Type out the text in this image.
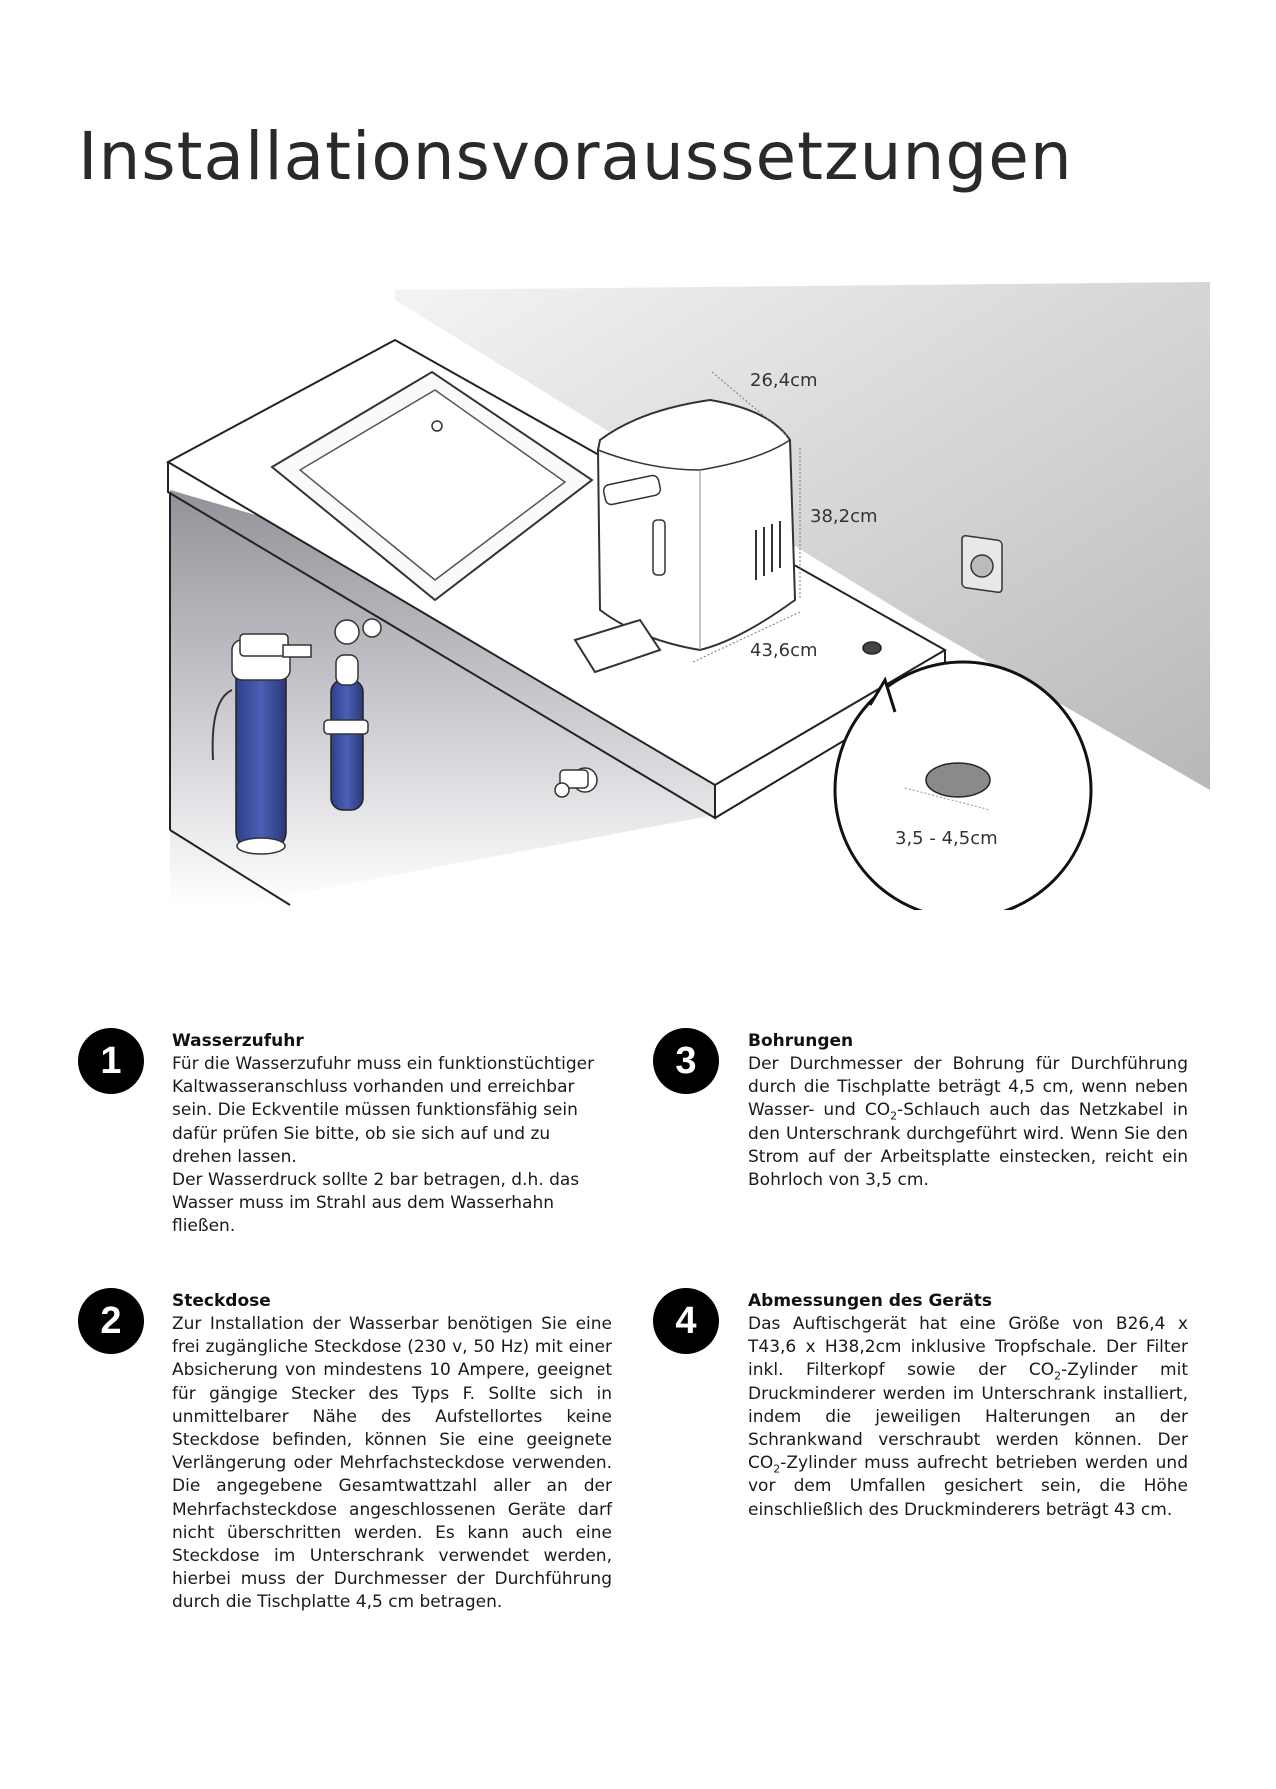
Installationsvoraussetzungen
26,4cm
38,2cm
43,6cm
3,5 - 4,5cm
1	Wasserzufuhr

Für die Wasserzufuhr muss ein funktionstüchtiger Kaltwasseranschluss vorhanden und erreichbar sein. Die Eckventile müssen funktionsfähig sein dafür prüfen Sie bitte, ob sie sich auf und zu drehen lassen.

Der Wasserdruck sollte 2 bar betragen, d.h. das Wasser muss im Strahl aus dem Wasserhahn fließen.

2	Steckdose

Zur Installation der Wasserbar benötigen Sie eine frei zugängliche Steckdose (230 v, 50 Hz) mit einer Absicherung von mindestens 10 Ampere, geeignet für gängige Stecker des Typs F. Sollte sich in unmittelbarer Nähe des Aufstellortes keine Steckdose befinden, können Sie eine geeignete Verlängerung oder Mehrfachsteckdose verwenden. Die angegebene Gesamtwattzahl aller an der Mehrfachsteckdose angeschlossenen Geräte darf nicht überschritten werden. Es kann auch eine Steckdose im Unterschrank verwendet werden, hierbei muss der Durchmesser der Durchführung durch die Tischplatte 4,5 cm betragen.

3	Bohrungen

Der Durchmesser der Bohrung für Durchführung durch die Tischplatte beträgt 4,5 cm, wenn neben Wasser- und $CO_2$-Schlauch auch das Netzkabel in den Unterschrank durchgeführt wird. Wenn Sie den Strom auf der Arbeitsplatte einstecken, reicht ein Bohrloch von 3,5 cm.

4	Abmessungen des Geräts

Das Auftischgerät hat eine Größe von B26,4 x T43,6 x H38,2cm inklusive Tropfschale. Der Filter inkl. Filterkopf sowie der $CO_2$-Zylinder mit Druckminderer werden im Unterschrank installiert, indem die jeweiligen Halterungen an der Schrankwand verschraubt werden können. Der $CO_2$-Zylinder muss aufrecht betrieben werden und vor dem Umfallen gesichert sein, die Höhe einschließlich des Druckminderers beträgt 43 cm.
